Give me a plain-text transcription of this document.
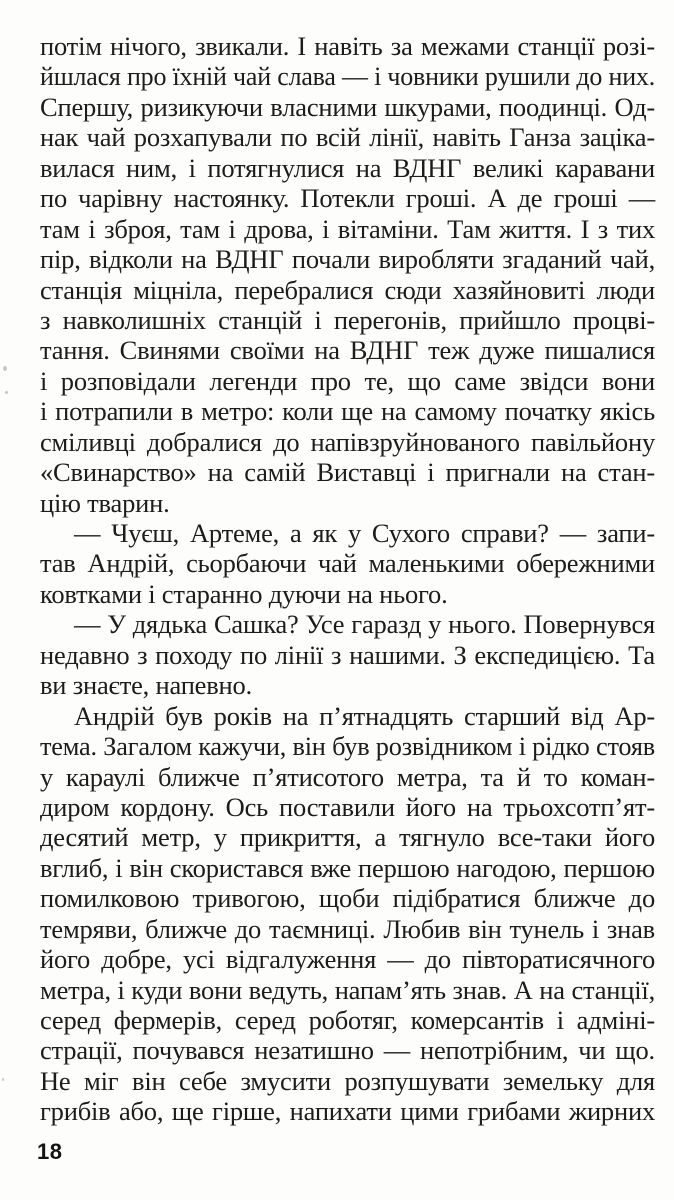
потім нічого, звикали. І навіть за межами станції розі-
йшлася про їхній чай слава — і човники рушили до них.
Спершу, ризикуючи власними шкурами, поодинці. Од-
нак чай розхапували по всій лінії, навіть Ганза заціка-
вилася ним, і потягнулися на ВДНГ великі каравани
по чарівну настоянку. Потекли гроші. А де гроші —
там і зброя, там і дрова, і вітаміни. Там життя. І з тих
пір, відколи на ВДНГ почали виробляти згаданий чай,
станція міцніла, перебралися сюди хазяйновиті люди
з навколишніх станцій і перегонів, прийшло процві-
тання. Свинями своїми на ВДНГ теж дуже пишалися
і розповідали легенди про те, що саме звідси вони
і потрапили в метро: коли ще на самому початку якісь
сміливці добралися до напівзруйнованого павільйону
«Свинарство» на самій Виставці і пригнали на стан-
цію тварин.
— Чуєш, Артеме, а як у Сухого справи? — запи-
тав Андрій, сьорбаючи чай маленькими обережними
ковтками і старанно дуючи на нього.
— У дядька Сашка? Усе гаразд у нього. Повернувся
недавно з походу по лінії з нашими. З експедицією. Та
ви знаєте, напевно.
Андрій був років на п’ятнадцять старший від Ар-
тема. Загалом кажучи, він був розвідником і рідко стояв
у караулі ближче п’ятисотого метра, та й то коман-
диром кордону. Ось поставили його на трьохсотп’ят-
десятий метр, у прикриття, а тягнуло все-таки його
вглиб, і він скористався вже першою нагодою, першою
помилковою тривогою, щоби підібратися ближче до
темряви, ближче до таємниці. Любив він тунель і знав
його добре, усі відгалуження — до півторатисячного
метра, і куди вони ведуть, напам’ять знав. А на станції,
серед фермерів, серед роботяг, комерсантів і адміні-
страції, почувався незатишно — непотрібним, чи що.
Не міг він себе змусити розпушувати земельку для
грибів або, ще гірше, напихати цими грибами жирних
18
